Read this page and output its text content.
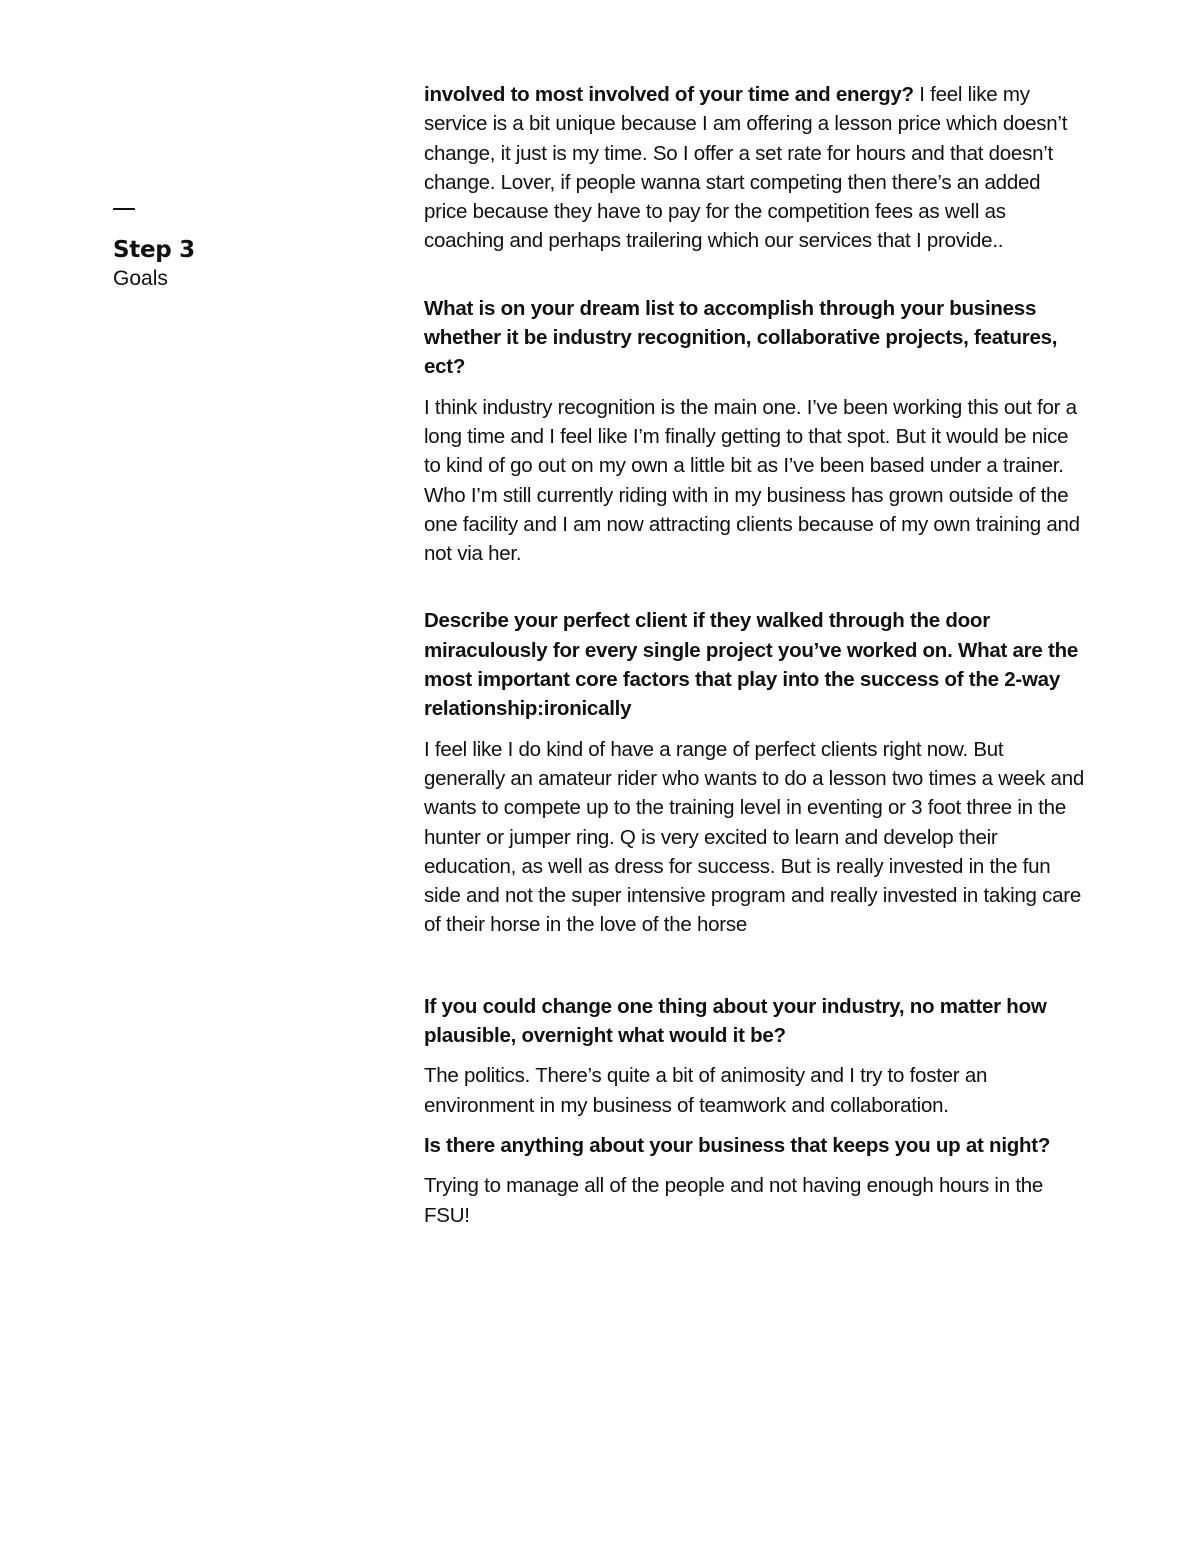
Step 3
Goals

involved to most involved of your time and energy? I feel like my service is a bit unique because I am offering a lesson price which doesn’t change, it just is my time. So I offer a set rate for hours and that doesn’t change. Lover, if people wanna start competing then there’s an added price because they have to pay for the competition fees as well as coaching and perhaps trailering which our services that I provide..

What is on your dream list to accomplish through your business whether it be industry recognition, collaborative projects, features, ect?

I think industry recognition is the main one. I’ve been working this out for a long time and I feel like I’m finally getting to that spot. But it would be nice to kind of go out on my own a little bit as I’ve been based under a trainer. Who I’m still currently riding with in my business has grown outside of the one facility and I am now attracting clients because of my own training and not via her.

Describe your perfect client if they walked through the door miraculously for every single project you’ve worked on. What are the most important core factors that play into the success of the 2-way relationship:ironically

I feel like I do kind of have a range of perfect clients right now. But generally an amateur rider who wants to do a lesson two times a week and wants to compete up to the training level in eventing or 3 foot three in the hunter or jumper ring. Q is very excited to learn and develop their education, as well as dress for success. But is really invested in the fun side and not the super intensive program and really invested in taking care of their horse in the love of the horse

If you could change one thing about your industry, no matter how plausible, overnight what would it be?

The politics. There’s quite a bit of animosity and I try to foster an environment in my business of teamwork and collaboration.

Is there anything about your business that keeps you up at night?

Trying to manage all of the people and not having enough hours in the FSU!
